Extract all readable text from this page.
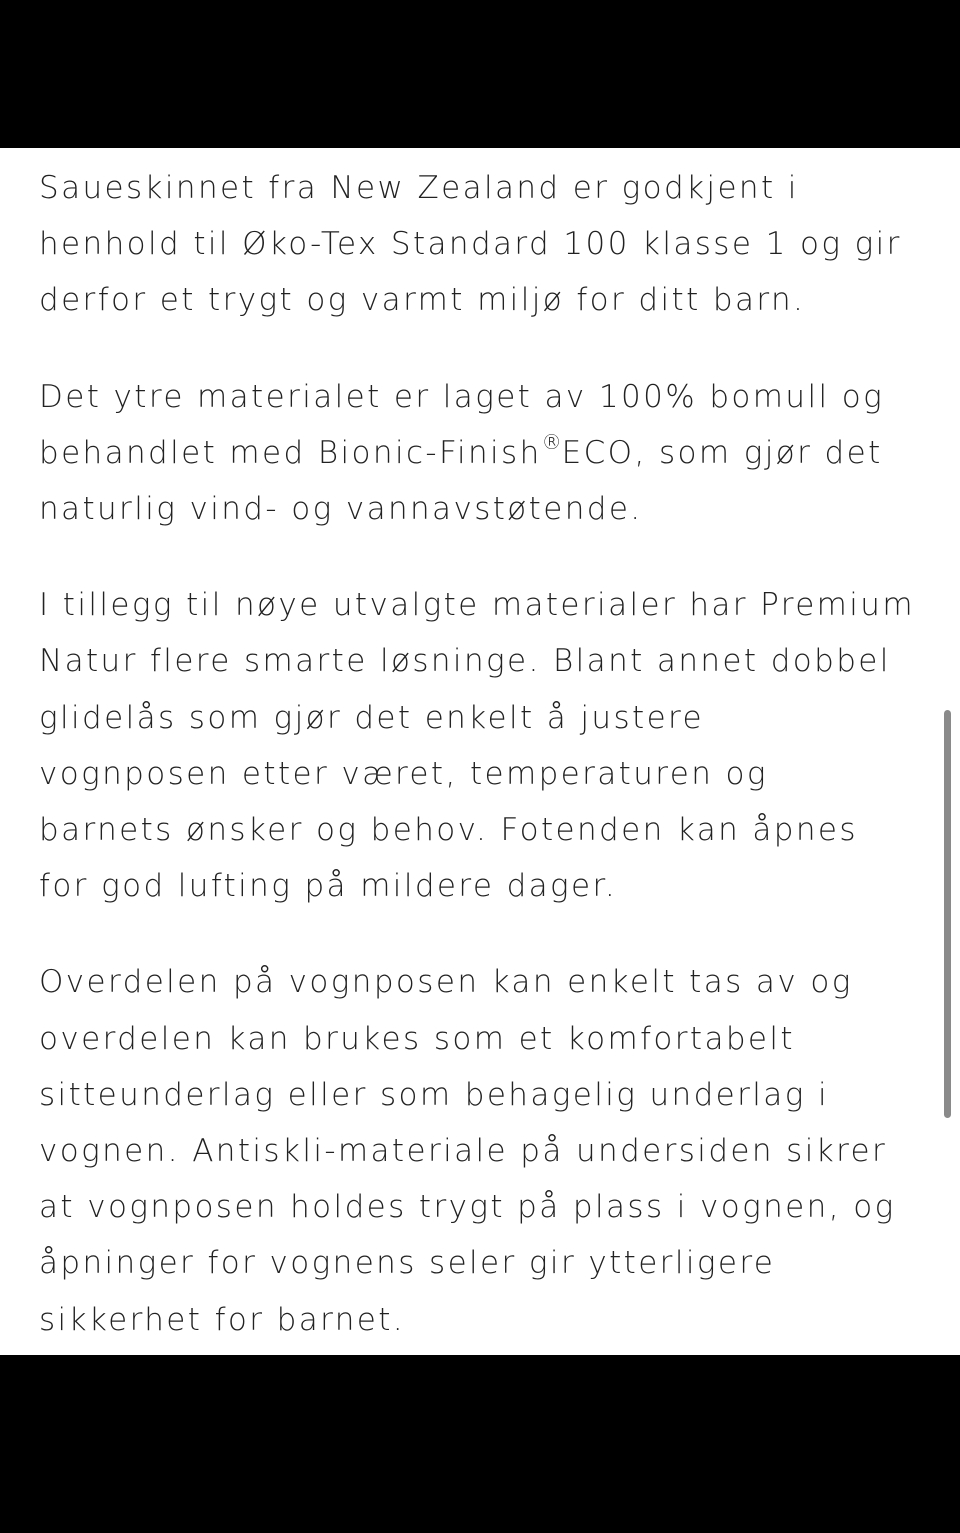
Saueskinnet fra New Zealand er godkjent i
henhold til Øko-Tex Standard 100 klasse 1 og gir
derfor et trygt og varmt miljø for ditt barn.

Det ytre materialet er laget av 100% bomull og
behandlet med Bionic-Finish®ECO, som gjør det
naturlig vind- og vannavstøtende.

I tillegg til nøye utvalgte materialer har Premium
Natur flere smarte løsninge. Blant annet dobbel
glidelås som gjør det enkelt å justere
vognposen etter været, temperaturen og
barnets ønsker og behov. Fotenden kan åpnes
for god lufting på mildere dager.

Overdelen på vognposen kan enkelt tas av og
overdelen kan brukes som et komfortabelt
sitteunderlag eller som behagelig underlag i
vognen. Antiskli-materiale på undersiden sikrer
at vognposen holdes trygt på plass i vognen, og
åpninger for vognens seler gir ytterligere
sikkerhet for barnet.
